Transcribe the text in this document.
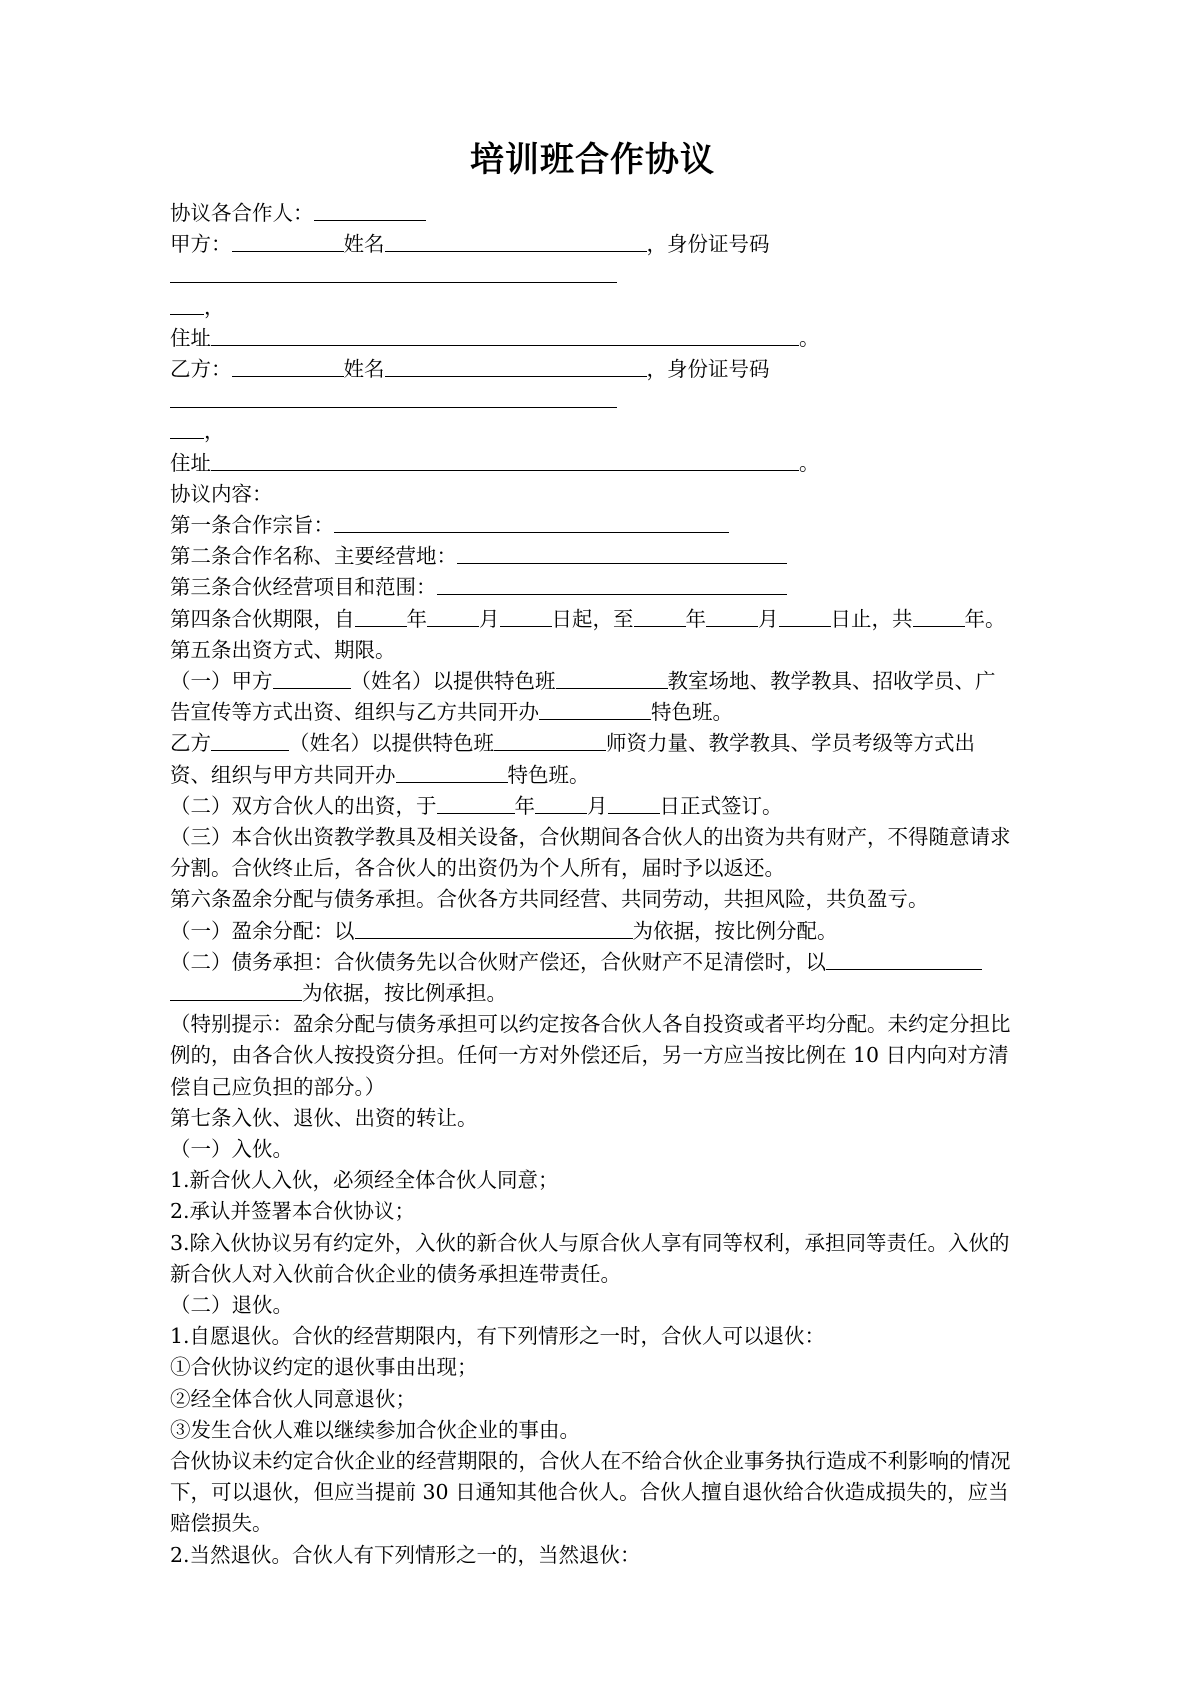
培训班合作协议

协议各合作人：

甲方：	姓名	，身份证号码

，

住址	。

乙方：	姓名	，身份证号码

，

住址	。

协议内容：

第一条合作宗旨：

第二条合作名称、主要经营地：

第三条合伙经营项目和范围：

第四条合伙期限，自	年	月	日起，至	年	月	日止，共	年。

第五条出资方式、期限。

（一）甲方	（姓名）以提供特色班	教室场地、教学教具、招收学员、广告宣传等方式出资、组织与乙方共同开办	特色班。

乙方	（姓名）以提供特色班	师资力量、教学教具、学员考级等方式出资、组织与甲方共同开办	特色班。

（二）双方合伙人的出资，于	年	月	日正式签订。

（三）本合伙出资教学教具及相关设备，合伙期间各合伙人的出资为共有财产，不得随意请求分割。合伙终止后，各合伙人的出资仍为个人所有，届时予以返还。

第六条盈余分配与债务承担。合伙各方共同经营、共同劳动，共担风险，共负盈亏。

（一）盈余分配：以	为依据，按比例分配。

（二）债务承担：合伙债务先以合伙财产偿还，合伙财产不足清偿时，以为依据，按比例承担。

（特别提示：盈余分配与债务承担可以约定按各合伙人各自投资或者平均分配。未约定分担比例的，由各合伙人按投资分担。任何一方对外偿还后，另一方应当按比例在 10 日内向对方清偿自己应负担的部分。）

第七条入伙、退伙、出资的转让。

（一）入伙。

1.新合伙人入伙，必须经全体合伙人同意；

2.承认并签署本合伙协议；

3.除入伙协议另有约定外，入伙的新合伙人与原合伙人享有同等权利，承担同等责任。入伙的新合伙人对入伙前合伙企业的债务承担连带责任。

（二）退伙。

1.自愿退伙。合伙的经营期限内，有下列情形之一时，合伙人可以退伙：

①合伙协议约定的退伙事由出现；

②经全体合伙人同意退伙；

③发生合伙人难以继续参加合伙企业的事由。

合伙协议未约定合伙企业的经营期限的，合伙人在不给合伙企业事务执行造成不利影响的情况下，可以退伙，但应当提前 30 日通知其他合伙人。合伙人擅自退伙给合伙造成损失的，应当赔偿损失。

2.当然退伙。合伙人有下列情形之一的，当然退伙：
